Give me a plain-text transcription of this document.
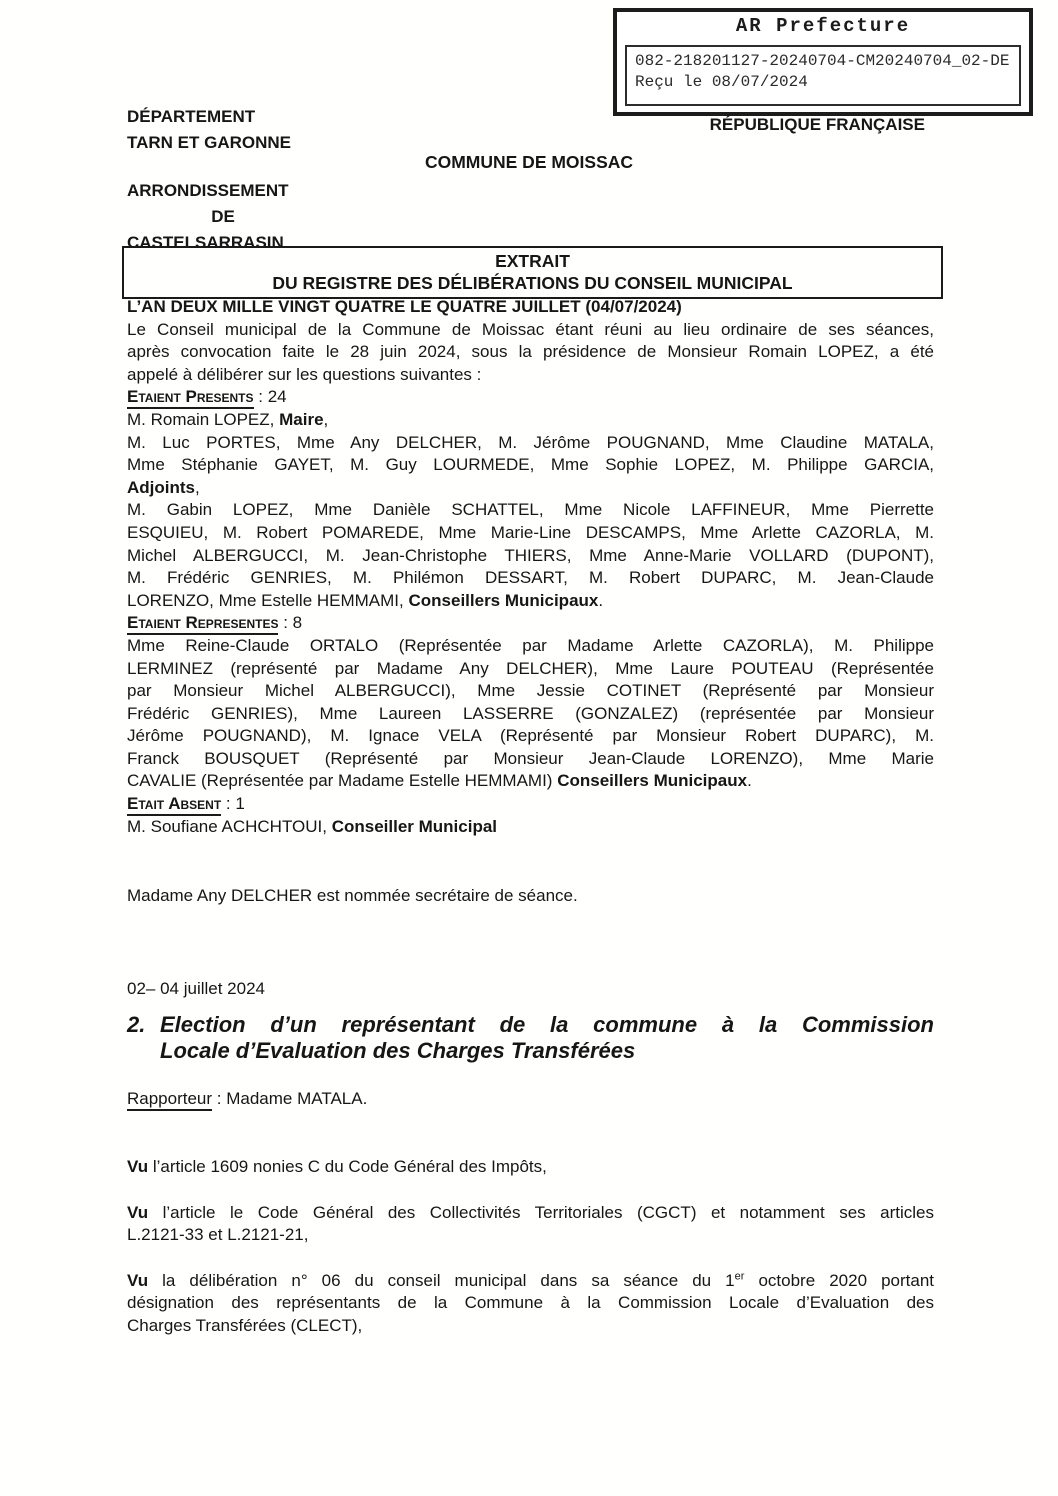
AR Prefecture
082-218201127-20240704-CM20240704_02-DE
Reçu le 08/07/2024
DÉPARTEMENT
TARN ET GARONNE
RÉPUBLIQUE FRANÇAISE
COMMUNE DE MOISSAC
ARRONDISSEMENT
DE
CASTELSARRASIN
EXTRAIT
DU REGISTRE DES DÉLIBÉRATIONS DU CONSEIL MUNICIPAL
L’AN DEUX MILLE VINGT QUATRE LE QUATRE JUILLET (04/07/2024)
Le Conseil municipal de la Commune de Moissac étant réuni au lieu ordinaire de ses séances,
après convocation faite le 28 juin 2024, sous la présidence de Monsieur Romain LOPEZ, a été
appelé à délibérer sur les questions suivantes :
Etaient Presents : 24
M. Romain LOPEZ, Maire,
M. Luc PORTES, Mme Any DELCHER, M. Jérôme POUGNAND, Mme Claudine MATALA,
Mme Stéphanie GAYET, M. Guy LOURMEDE, Mme Sophie LOPEZ, M. Philippe GARCIA,
Adjoints,
M. Gabin LOPEZ, Mme Danièle SCHATTEL, Mme Nicole LAFFINEUR, Mme Pierrette
ESQUIEU, M. Robert POMAREDE, Mme Marie-Line DESCAMPS, Mme Arlette CAZORLA, M.
Michel ALBERGUCCI, M. Jean-Christophe THIERS, Mme Anne-Marie VOLLARD (DUPONT),
M. Frédéric GENRIES, M. Philémon DESSART, M. Robert DUPARC, M. Jean-Claude
LORENZO, Mme Estelle HEMMAMI, Conseillers Municipaux.
Etaient Representes : 8
Mme Reine-Claude ORTALO (Représentée par Madame Arlette CAZORLA), M. Philippe
LERMINEZ (représenté par Madame Any DELCHER), Mme Laure POUTEAU (Représentée
par Monsieur Michel ALBERGUCCI), Mme Jessie COTINET (Représenté par Monsieur
Frédéric GENRIES), Mme Laureen LASSERRE (GONZALEZ) (représentée par Monsieur
Jérôme POUGNAND), M. Ignace VELA (Représenté par Monsieur Robert DUPARC), M.
Franck BOUSQUET (Représenté par Monsieur Jean-Claude LORENZO), Mme Marie
CAVALIE (Représentée par Madame Estelle HEMMAMI) Conseillers Municipaux.
Etait Absent : 1
M. Soufiane ACHCHTOUI, Conseiller Municipal
Madame Any DELCHER est nommée secrétaire de séance.
02– 04 juillet 2024
2. Election d’un représentant de la commune à la Commission
Locale d’Evaluation des Charges Transférées
Rapporteur : Madame MATALA.
Vu l’article 1609 nonies C du Code Général des Impôts,
Vu l’article le Code Général des Collectivités Territoriales (CGCT) et notamment ses articles
L.2121-33 et L.2121-21,
Vu la délibération n° 06 du conseil municipal dans sa séance du 1er octobre 2020 portant
désignation des représentants de la Commune à la Commission Locale d’Evaluation des
Charges Transférées (CLECT),
